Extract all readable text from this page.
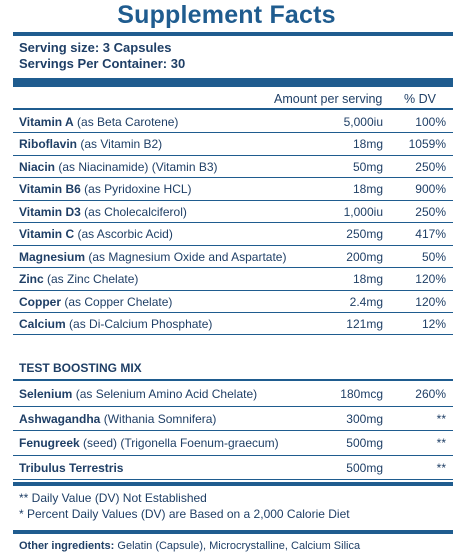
Supplement Facts
Serving size: 3 Capsules
Servings Per Container: 30
Amount per serving % DV
Vitamin A (as Beta Carotene)	5,000iu	100%
Riboflavin (as Vitamin B2)	18mg 1059%
Niacin (as Niacinamide) (Vitamin B3)	50mg	250%
Vitamin B6 (as Pyridoxine HCL)	18mg	900%
Vitamin D3 (as Cholecalciferol)	1,000iu	250%
Vitamin C (as Ascorbic Acid)	250mg	417%
Magnesium (as Magnesium Oxide and Aspartate)	200mg	50%
Zinc (as Zinc Chelate)	18mg	120%
Copper (as Copper Chelate)	2.4mg	120%
Calcium (as Di-Calcium Phosphate)	121mg	12%
TEST BOOSTING MIX
Selenium (as Selenium Amino Acid Chelate)	180mcg	260%
Ashwagandha (Withania Somnifera)	300mg	**
Fenugreek (seed) (Trigonella Foenum-graecum)	500mg	**
Tribulus Terrestris	500mg	**
** Daily Value (DV) Not Established
* Percent Daily Values (DV) are Based on a 2,000 Calorie Diet
Other ingredients: Gelatin (Capsule), Microcrystalline, Calcium Silica
